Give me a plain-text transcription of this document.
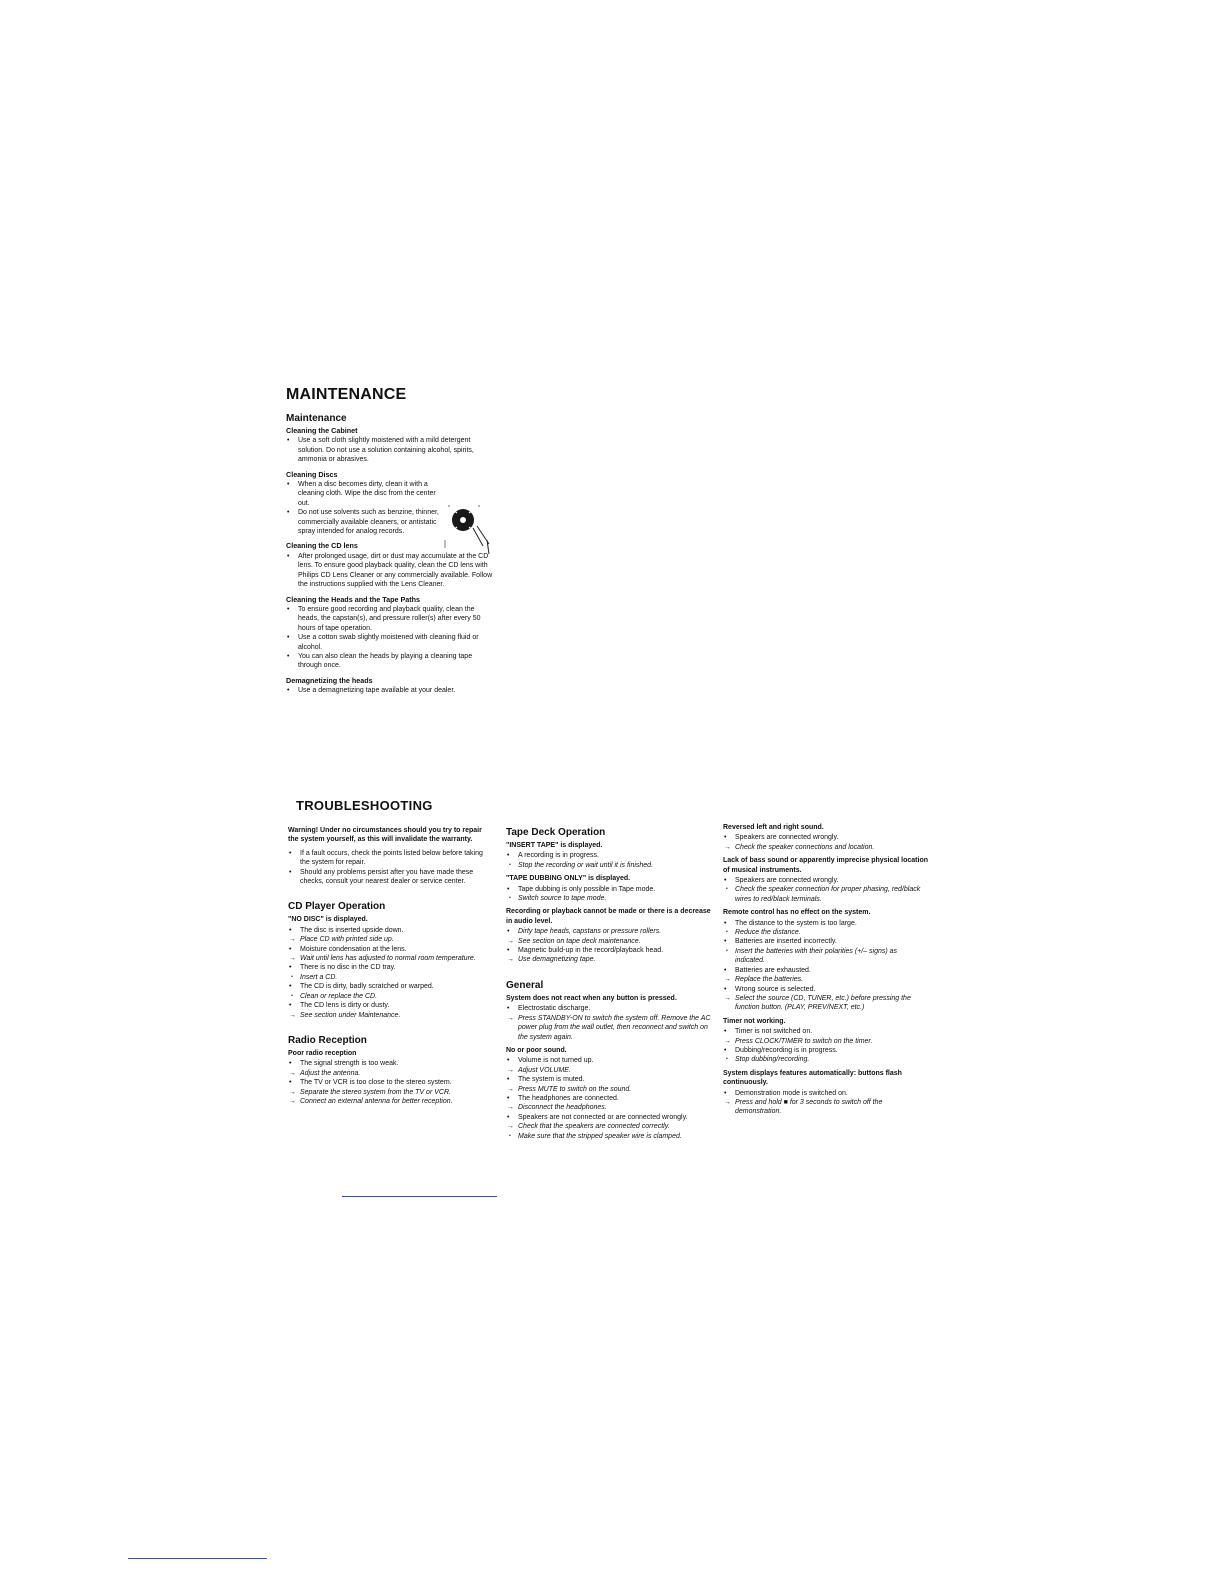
MAINTENANCE
Maintenance
Cleaning the Cabinet
•	Use a soft cloth slightly moistened with a mild detergent solution. Do not use a solution containing alcohol, spirits, ammonia or abrasives.
Cleaning Discs
•	When a disc becomes dirty, clean it with a cleaning cloth. Wipe the disc from the center out.
•	Do not use solvents such as benzine, thinner, commercially available cleaners, or antistatic spray intended for analog records.
Cleaning the CD lens
•	After prolonged usage, dirt or dust may accumulate at the CD lens. To ensure good playback quality, clean the CD lens with Philips CD Lens Cleaner or any commercially available. Follow the instructions supplied with the Lens Cleaner.
Cleaning the Heads and the Tape Paths
•	To ensure good recording and playback quality, clean the heads, the capstan(s), and pressure roller(s) after every 50 hours of tape operation.
•	Use a cotton swab slightly moistened with cleaning fluid or alcohol.
•	You can also clean the heads by playing a cleaning tape through once.
Demagnetizing the heads
•	Use a demagnetizing tape available at your dealer.
TROUBLESHOOTING
Warning! Under no circumstances should you try to repair the system yourself, as this will invalidate the warranty.
•	If a fault occurs, check the points listed below before taking the system for repair.
•	Should any problems persist after you have made these checks, consult your nearest dealer or service center.
CD Player Operation
"NO DISC" is displayed.
•	The disc is inserted upside down.
→ Place CD with printed side up.
•	Moisture condensation at the lens.
→ Wait until lens has adjusted to normal room temperature.
•	There is no disc in the CD tray.
•	Insert a CD.
•	The CD is dirty, badly scratched or warped.
•	Clean or replace the CD.
•	The CD lens is dirty or dusty.
→ See section under Maintenance.
Radio Reception
Poor radio reception
•	The signal strength is too weak.
→ Adjust the antenna.
•	The TV or VCR is too close to the stereo system.
→ Separate the stereo system from the TV or VCR.
→ Connect an external antenna for better reception.
Tape Deck Operation
"INSERT TAPE" is displayed.
•	A recording is in progress.
•	Stop the recording or wait until it is finished.
"TAPE DUBBING ONLY" is displayed.
•	Tape dubbing is only possible in Tape mode.
•	Switch source to tape mode.
Recording or playback cannot be made or there is a decrease in audio level.
•	Dirty tape heads, capstans or pressure rollers.
→ See section on tape deck maintenance.
•	Magnetic build-up in the record/playback head.
→ Use demagnetizing tape.
General
System does not react when any button is pressed.
•	Electrostatic discharge.
→ Press STANDBY-ON to switch the system off. Remove the AC power plug from the wall outlet, then reconnect and switch on the system again.
No or poor sound.
•	Volume is not turned up.
→ Adjust VOLUME.
•	The system is muted.
→ Press MUTE to switch on the sound.
•	The headphones are connected.
→ Disconnect the headphones.
•	Speakers are not connected or are connected wrongly.
→ Check that the speakers are connected correctly.
•	Make sure that the stripped speaker wire is clamped.
Reversed left and right sound.
•	Speakers are connected wrongly.
→ Check the speaker connections and location.
Lack of bass sound or apparently imprecise physical location of musical instruments.
•	Speakers are connected wrongly.
•	Check the speaker connection for proper phasing, red/black wires to red/black terminals.
Remote control has no effect on the system.
•	The distance to the system is too large.
•	Reduce the distance.
•	Batteries are inserted incorrectly.
•	Insert the batteries with their polarities (+/– signs) as indicated.
•	Batteries are exhausted.
→ Replace the batteries.
•	Wrong source is selected.
→ Select the source (CD, TUNER, etc.) before pressing the function button. (PLAY, PREV/NEXT, etc.)
Timer not working.
•	Timer is not switched on.
→ Press CLOCK/TIMER to switch on the timer.
•	Dubbing/recording is in progress.
•	Stop dubbing/recording.
System displays features automatically: buttons flash continuously.
•	Demonstration mode is switched on.
→ Press and hold ■ for 3 seconds to switch off the demonstration.
